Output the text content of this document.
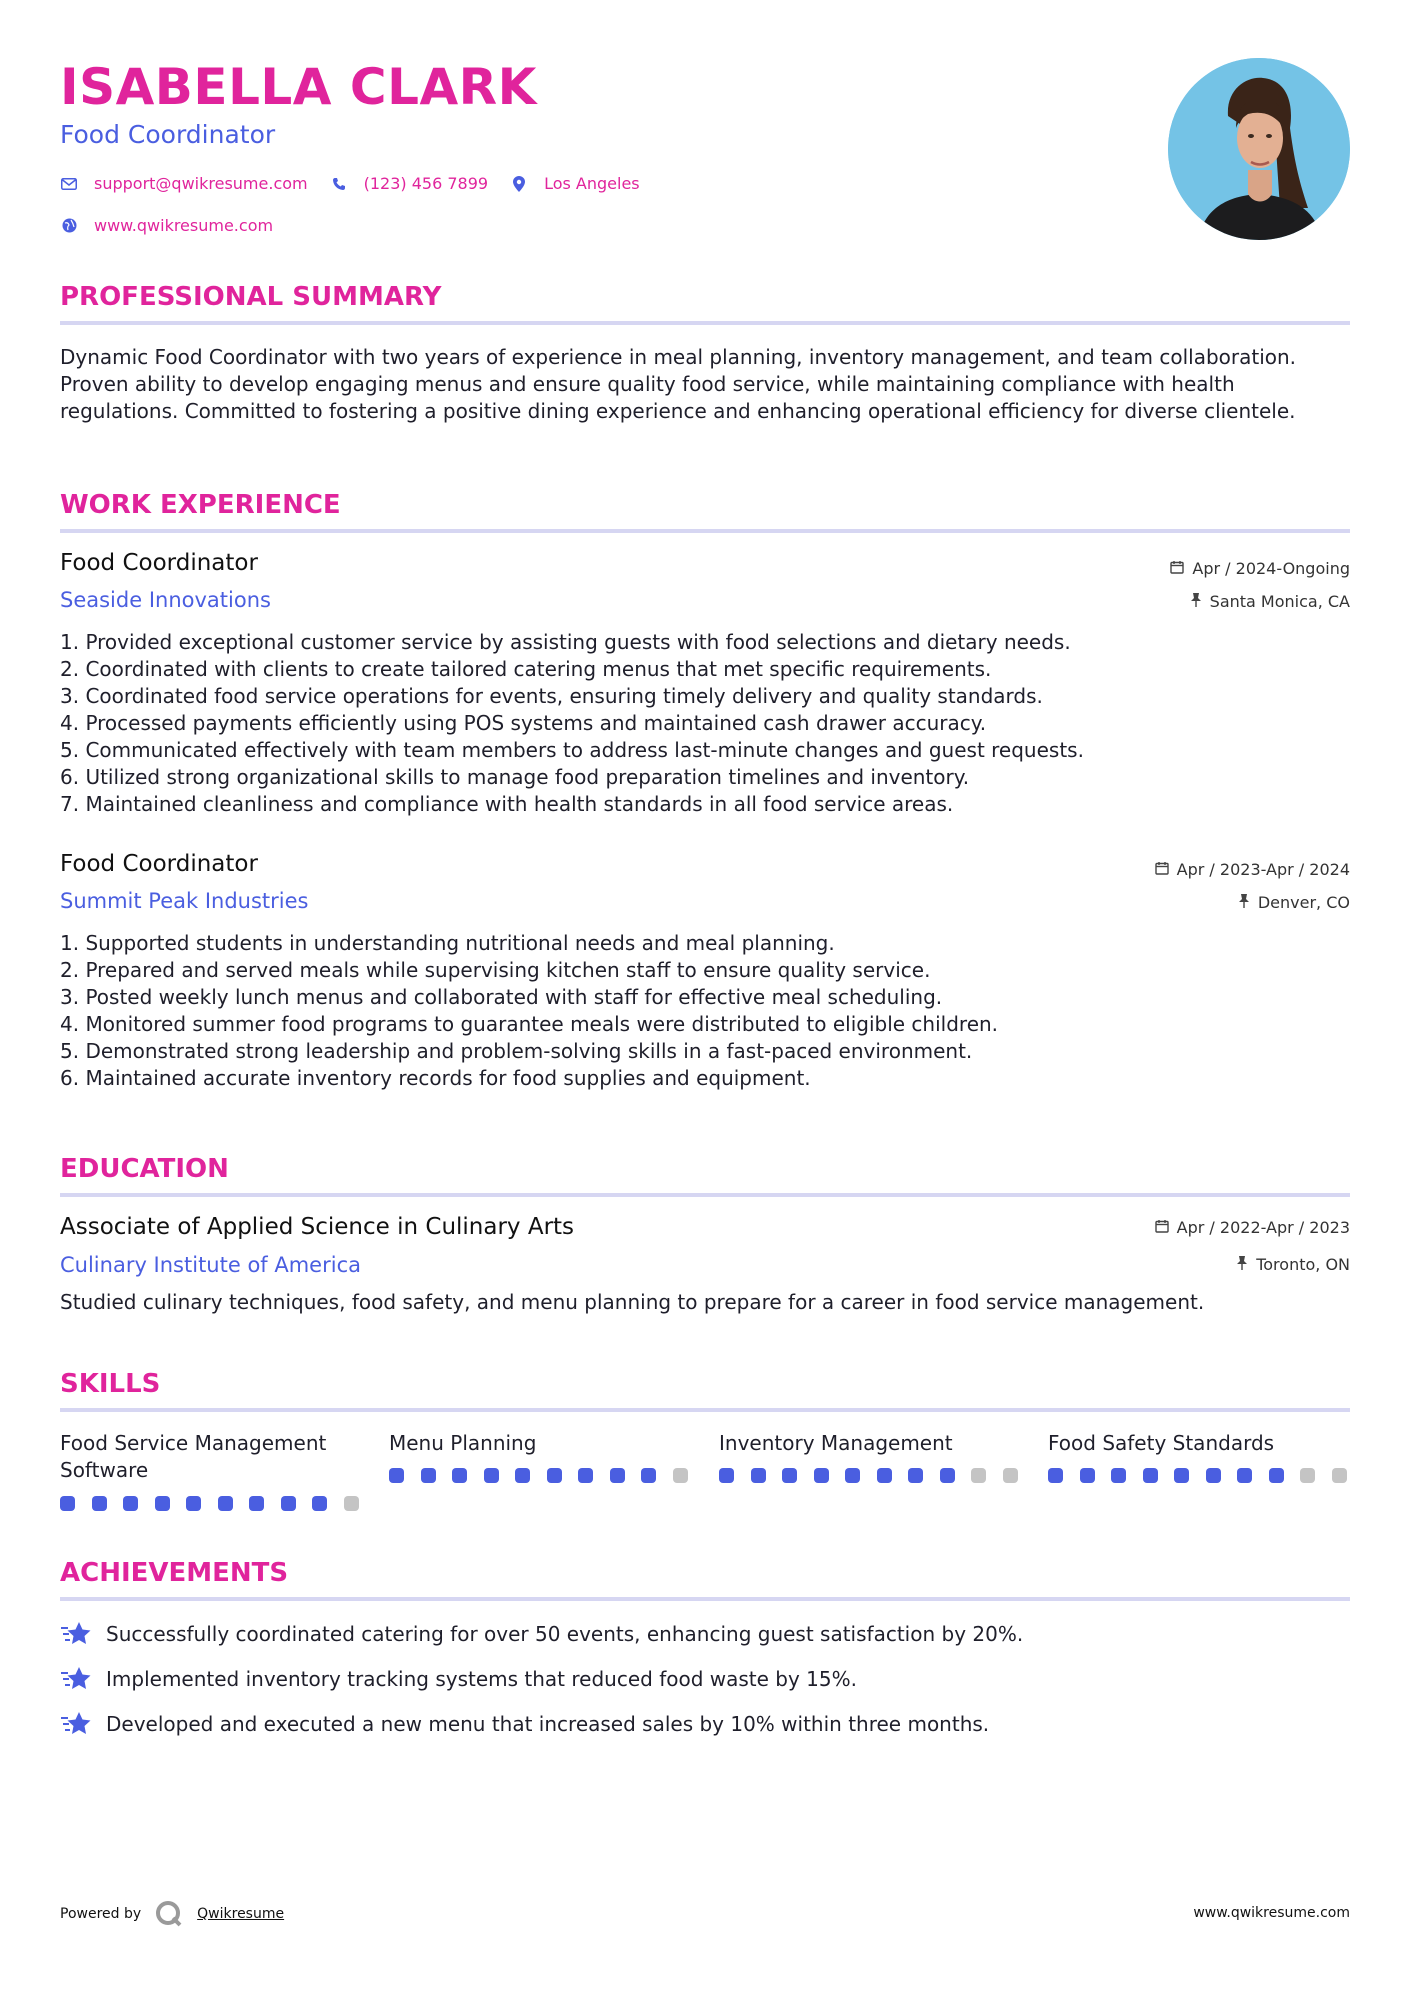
ISABELLA CLARK
Food Coordinator
support@qwikresume.com	(123) 456 7899	Los Angeles
www.qwikresume.com
PROFESSIONAL SUMMARY
Dynamic Food Coordinator with two years of experience in meal planning, inventory management, and team collaboration. Proven ability to develop engaging menus and ensure quality food service, while maintaining compliance with health regulations. Committed to fostering a positive dining experience and enhancing operational efficiency for diverse clientele.
WORK EXPERIENCE
Food Coordinator
Seaside Innovations
Apr / 2024-Ongoing
Santa Monica, CA
1. Provided exceptional customer service by assisting guests with food selections and dietary needs.
2. Coordinated with clients to create tailored catering menus that met specific requirements.
3. Coordinated food service operations for events, ensuring timely delivery and quality standards.
4. Processed payments efficiently using POS systems and maintained cash drawer accuracy.
5. Communicated effectively with team members to address last-minute changes and guest requests.
6. Utilized strong organizational skills to manage food preparation timelines and inventory.
7. Maintained cleanliness and compliance with health standards in all food service areas.
Food Coordinator
Summit Peak Industries
Apr / 2023-Apr / 2024
Denver, CO
1. Supported students in understanding nutritional needs and meal planning.
2. Prepared and served meals while supervising kitchen staff to ensure quality service.
3. Posted weekly lunch menus and collaborated with staff for effective meal scheduling.
4. Monitored summer food programs to guarantee meals were distributed to eligible children.
5. Demonstrated strong leadership and problem-solving skills in a fast-paced environment.
6. Maintained accurate inventory records for food supplies and equipment.
EDUCATION
Associate of Applied Science in Culinary Arts
Culinary Institute of America
Apr / 2022-Apr / 2023
Toronto, ON
Studied culinary techniques, food safety, and menu planning to prepare for a career in food service management.
SKILLS
Food Service Management Software
Menu Planning	Inventory Management	Food Safety Standards
ACHIEVEMENTS
Successfully coordinated catering for over 50 events, enhancing guest satisfaction by 20%.
Implemented inventory tracking systems that reduced food waste by 15%.
Developed and executed a new menu that increased sales by 10% within three months.
Powered by	Qwikresume	www.qwikresume.com
